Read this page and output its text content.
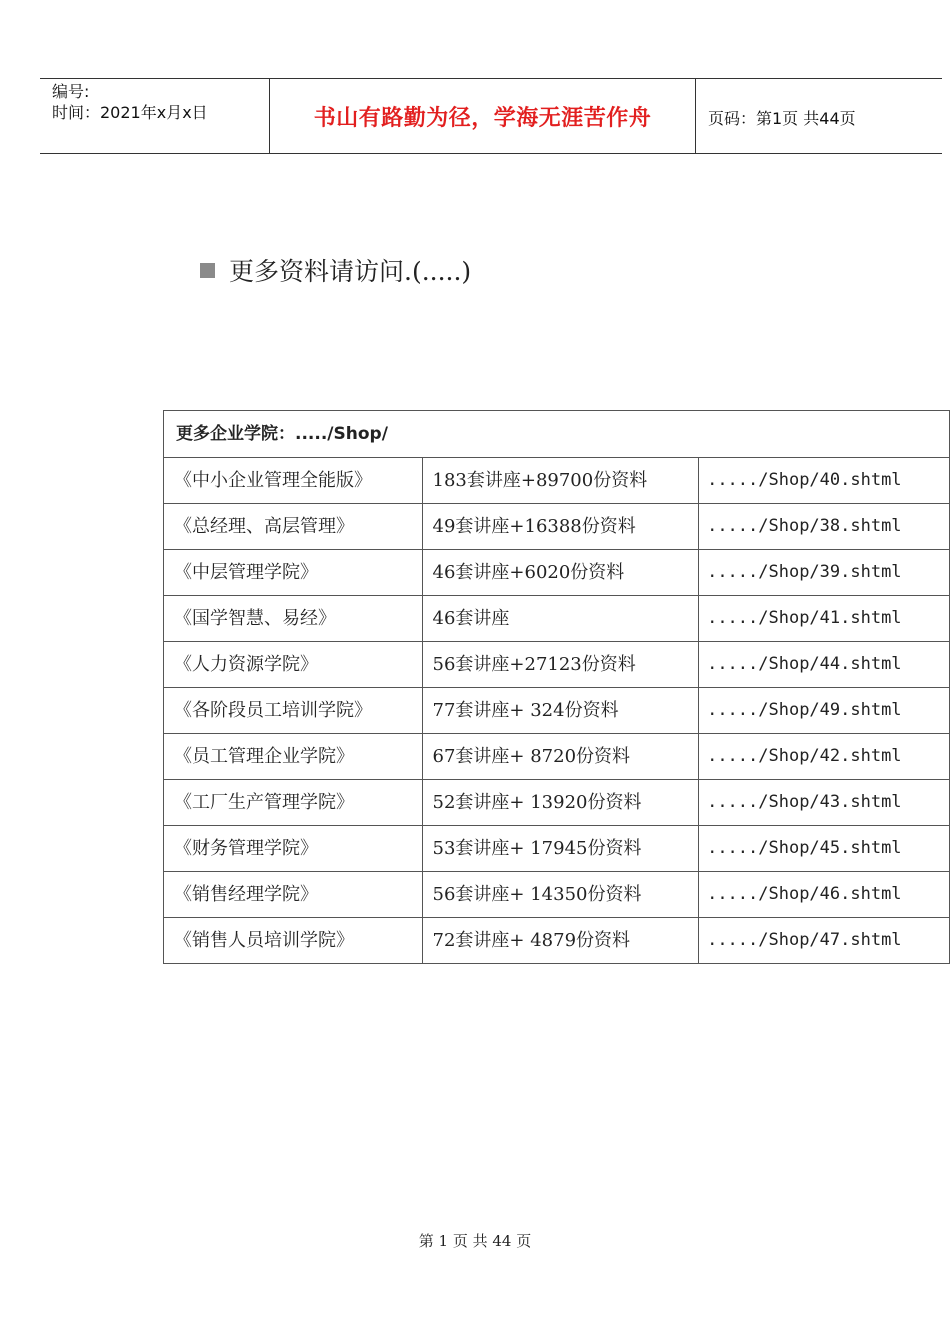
编号:
时间：2021年x月x日	书山有路勤为径，学海无涯苦作舟	页码：第1页 共44页
更多资料请访问.(.....)
更多企业学院：...../Shop/		
《中小企业管理全能版》	183套讲座+89700份资料	...../Shop/40.shtml
《总经理、高层管理》	49套讲座+16388份资料	...../Shop/38.shtml
《中层管理学院》	46套讲座+6020份资料	...../Shop/39.shtml
《国学智慧、易经》	46套讲座	...../Shop/41.shtml
《人力资源学院》	56套讲座+27123份资料	...../Shop/44.shtml
《各阶段员工培训学院》	77套讲座+ 324份资料	...../Shop/49.shtml
《员工管理企业学院》	67套讲座+ 8720份资料	...../Shop/42.shtml
《工厂生产管理学院》	52套讲座+ 13920份资料	...../Shop/43.shtml
《财务管理学院》	53套讲座+ 17945份资料	...../Shop/45.shtml
《销售经理学院》	56套讲座+ 14350份资料	...../Shop/46.shtml
《销售人员培训学院》	72套讲座+ 4879份资料	...../Shop/47.shtml
第 1 页 共 44 页
